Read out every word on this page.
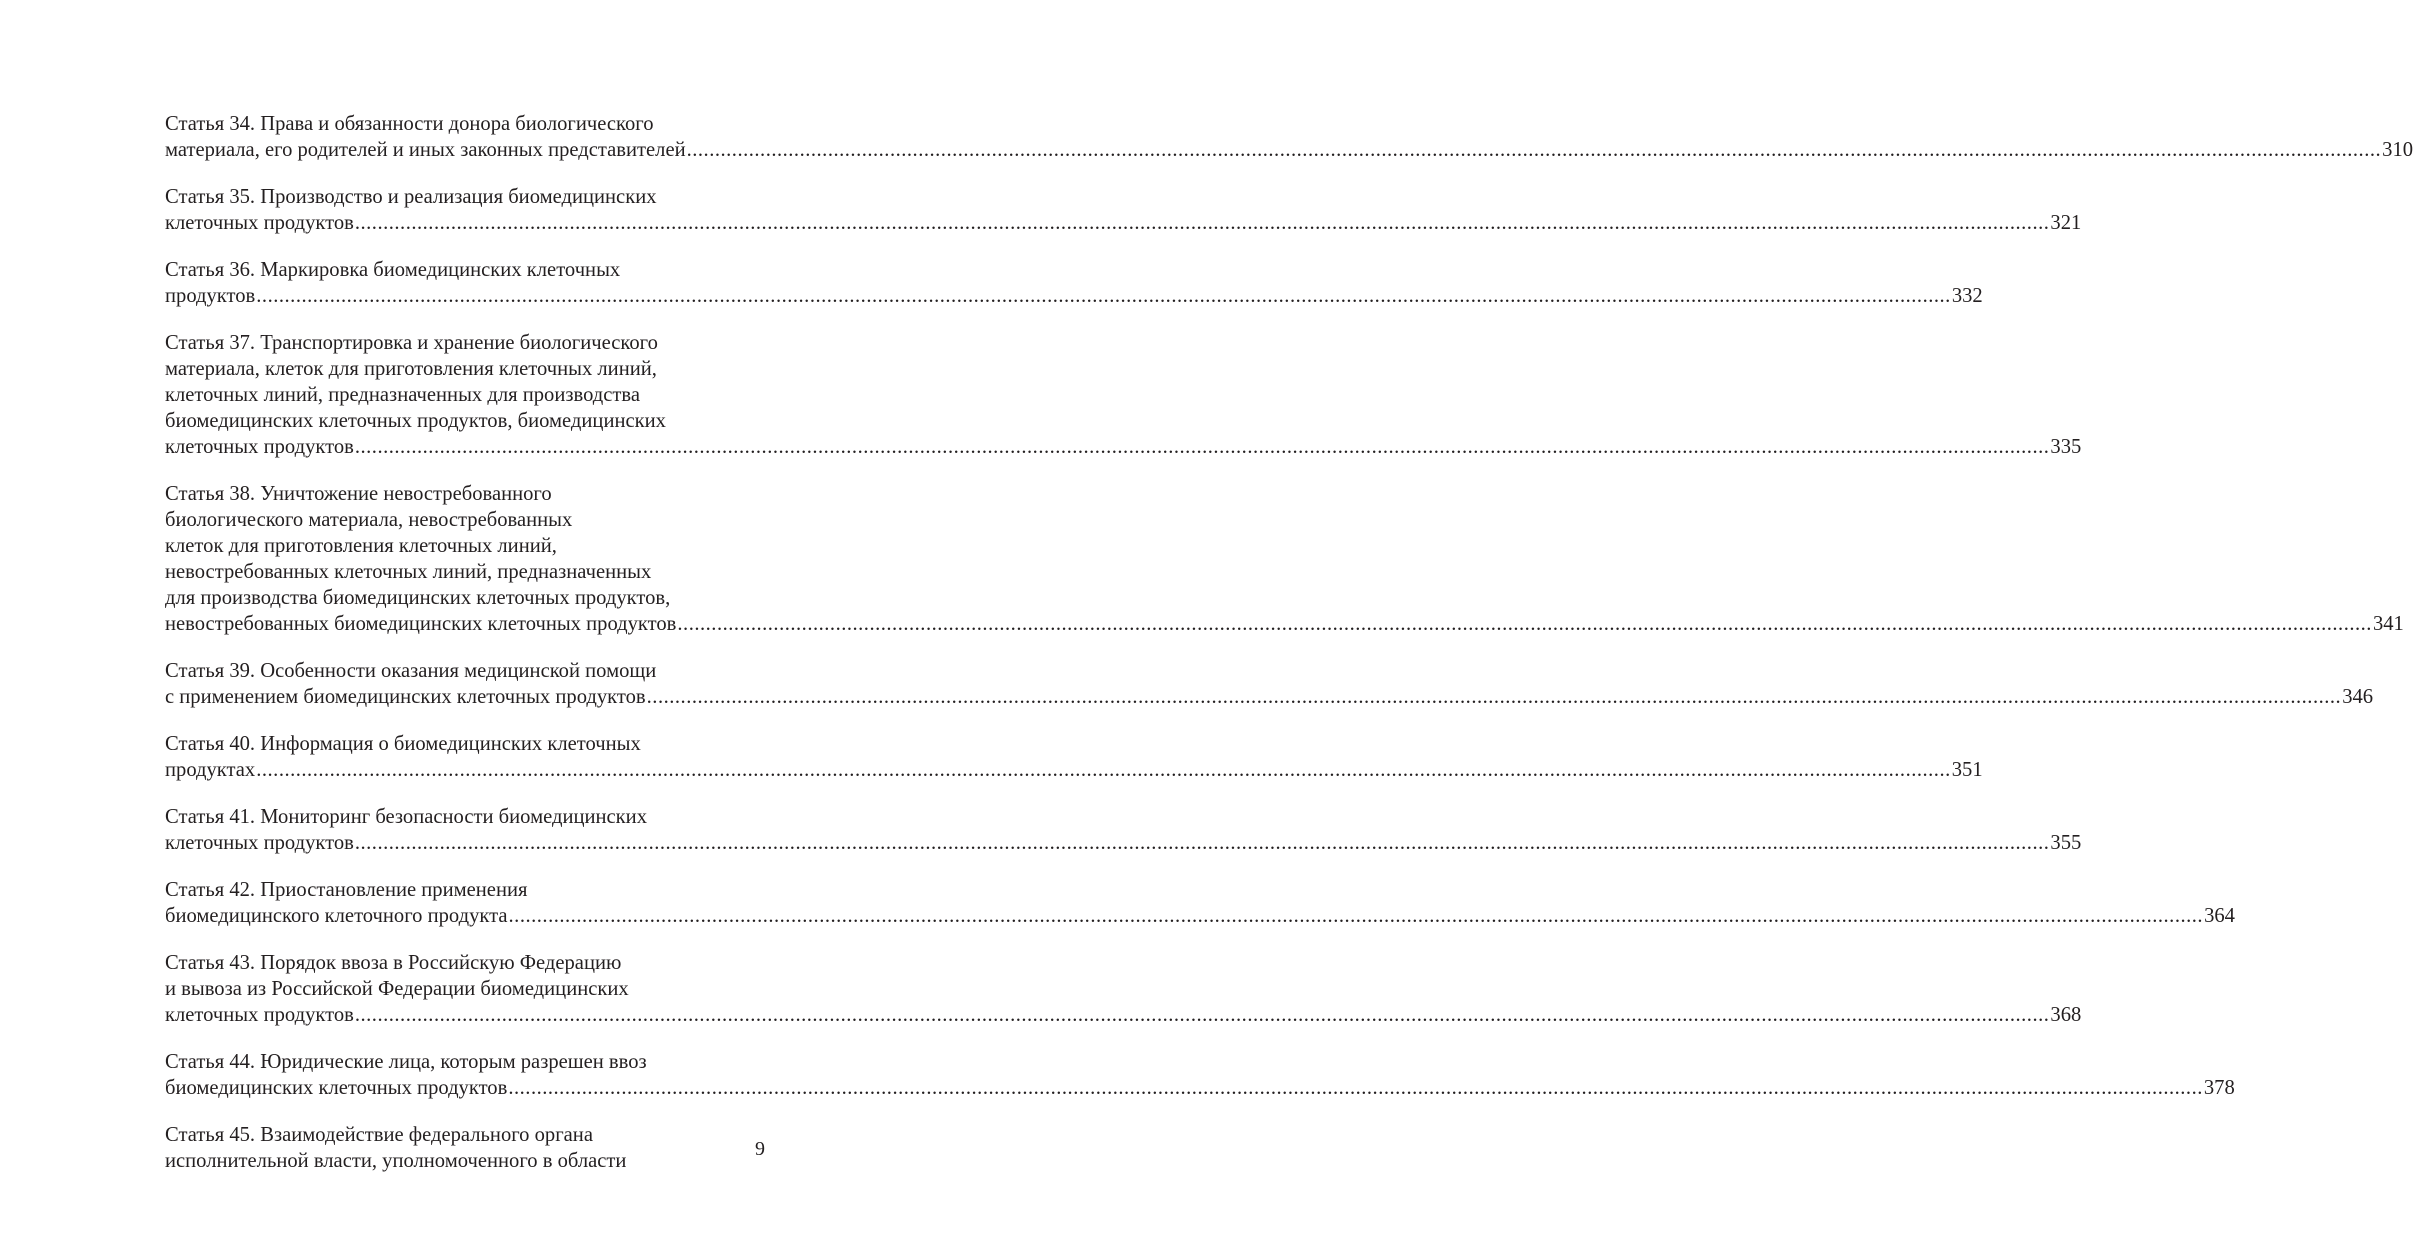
Статья 34. Права и обязанности донора биологического
материала, его родителей и иных законных представителей ............................................................................................................................................................................................................................................................................................................ 310
Статья 35. Производство и реализация биомедицинских
клеточных продуктов ............................................................................................................................................................................................................................................................................................................ 321
Статья 36. Маркировка биомедицинских клеточных
продуктов ............................................................................................................................................................................................................................................................................................................ 332
Статья 37. Транспортировка и хранение биологического
материала, клеток для приготовления клеточных линий,
клеточных линий, предназначенных для производства
биомедицинских клеточных продуктов, биомедицинских
клеточных продуктов ............................................................................................................................................................................................................................................................................................................ 335
Статья 38. Уничтожение невостребованного
биологического материала, невостребованных
клеток для приготовления клеточных линий,
невостребованных клеточных линий, предназначенных
для производства биомедицинских клеточных продуктов,
невостребованных биомедицинских клеточных продуктов ............................................................................................................................................................................................................................................................................................................ 341
Статья 39. Особенности оказания медицинской помощи
с применением биомедицинских клеточных продуктов ............................................................................................................................................................................................................................................................................................................ 346
Статья 40. Информация о биомедицинских клеточных
продуктах ............................................................................................................................................................................................................................................................................................................ 351
Статья 41. Мониторинг безопасности биомедицинских
клеточных продуктов ............................................................................................................................................................................................................................................................................................................ 355
Статья 42. Приостановление применения
биомедицинского клеточного продукта ............................................................................................................................................................................................................................................................................................................ 364
Статья 43. Порядок ввоза в Российскую Федерацию
и вывоза из Российской Федерации биомедицинских
клеточных продуктов ............................................................................................................................................................................................................................................................................................................ 368
Статья 44. Юридические лица, которым разрешен ввоз
биомедицинских клеточных продуктов ............................................................................................................................................................................................................................................................................................................ 378
Статья 45. Взаимодействие федерального органа
исполнительной власти, уполномоченного в области
9
